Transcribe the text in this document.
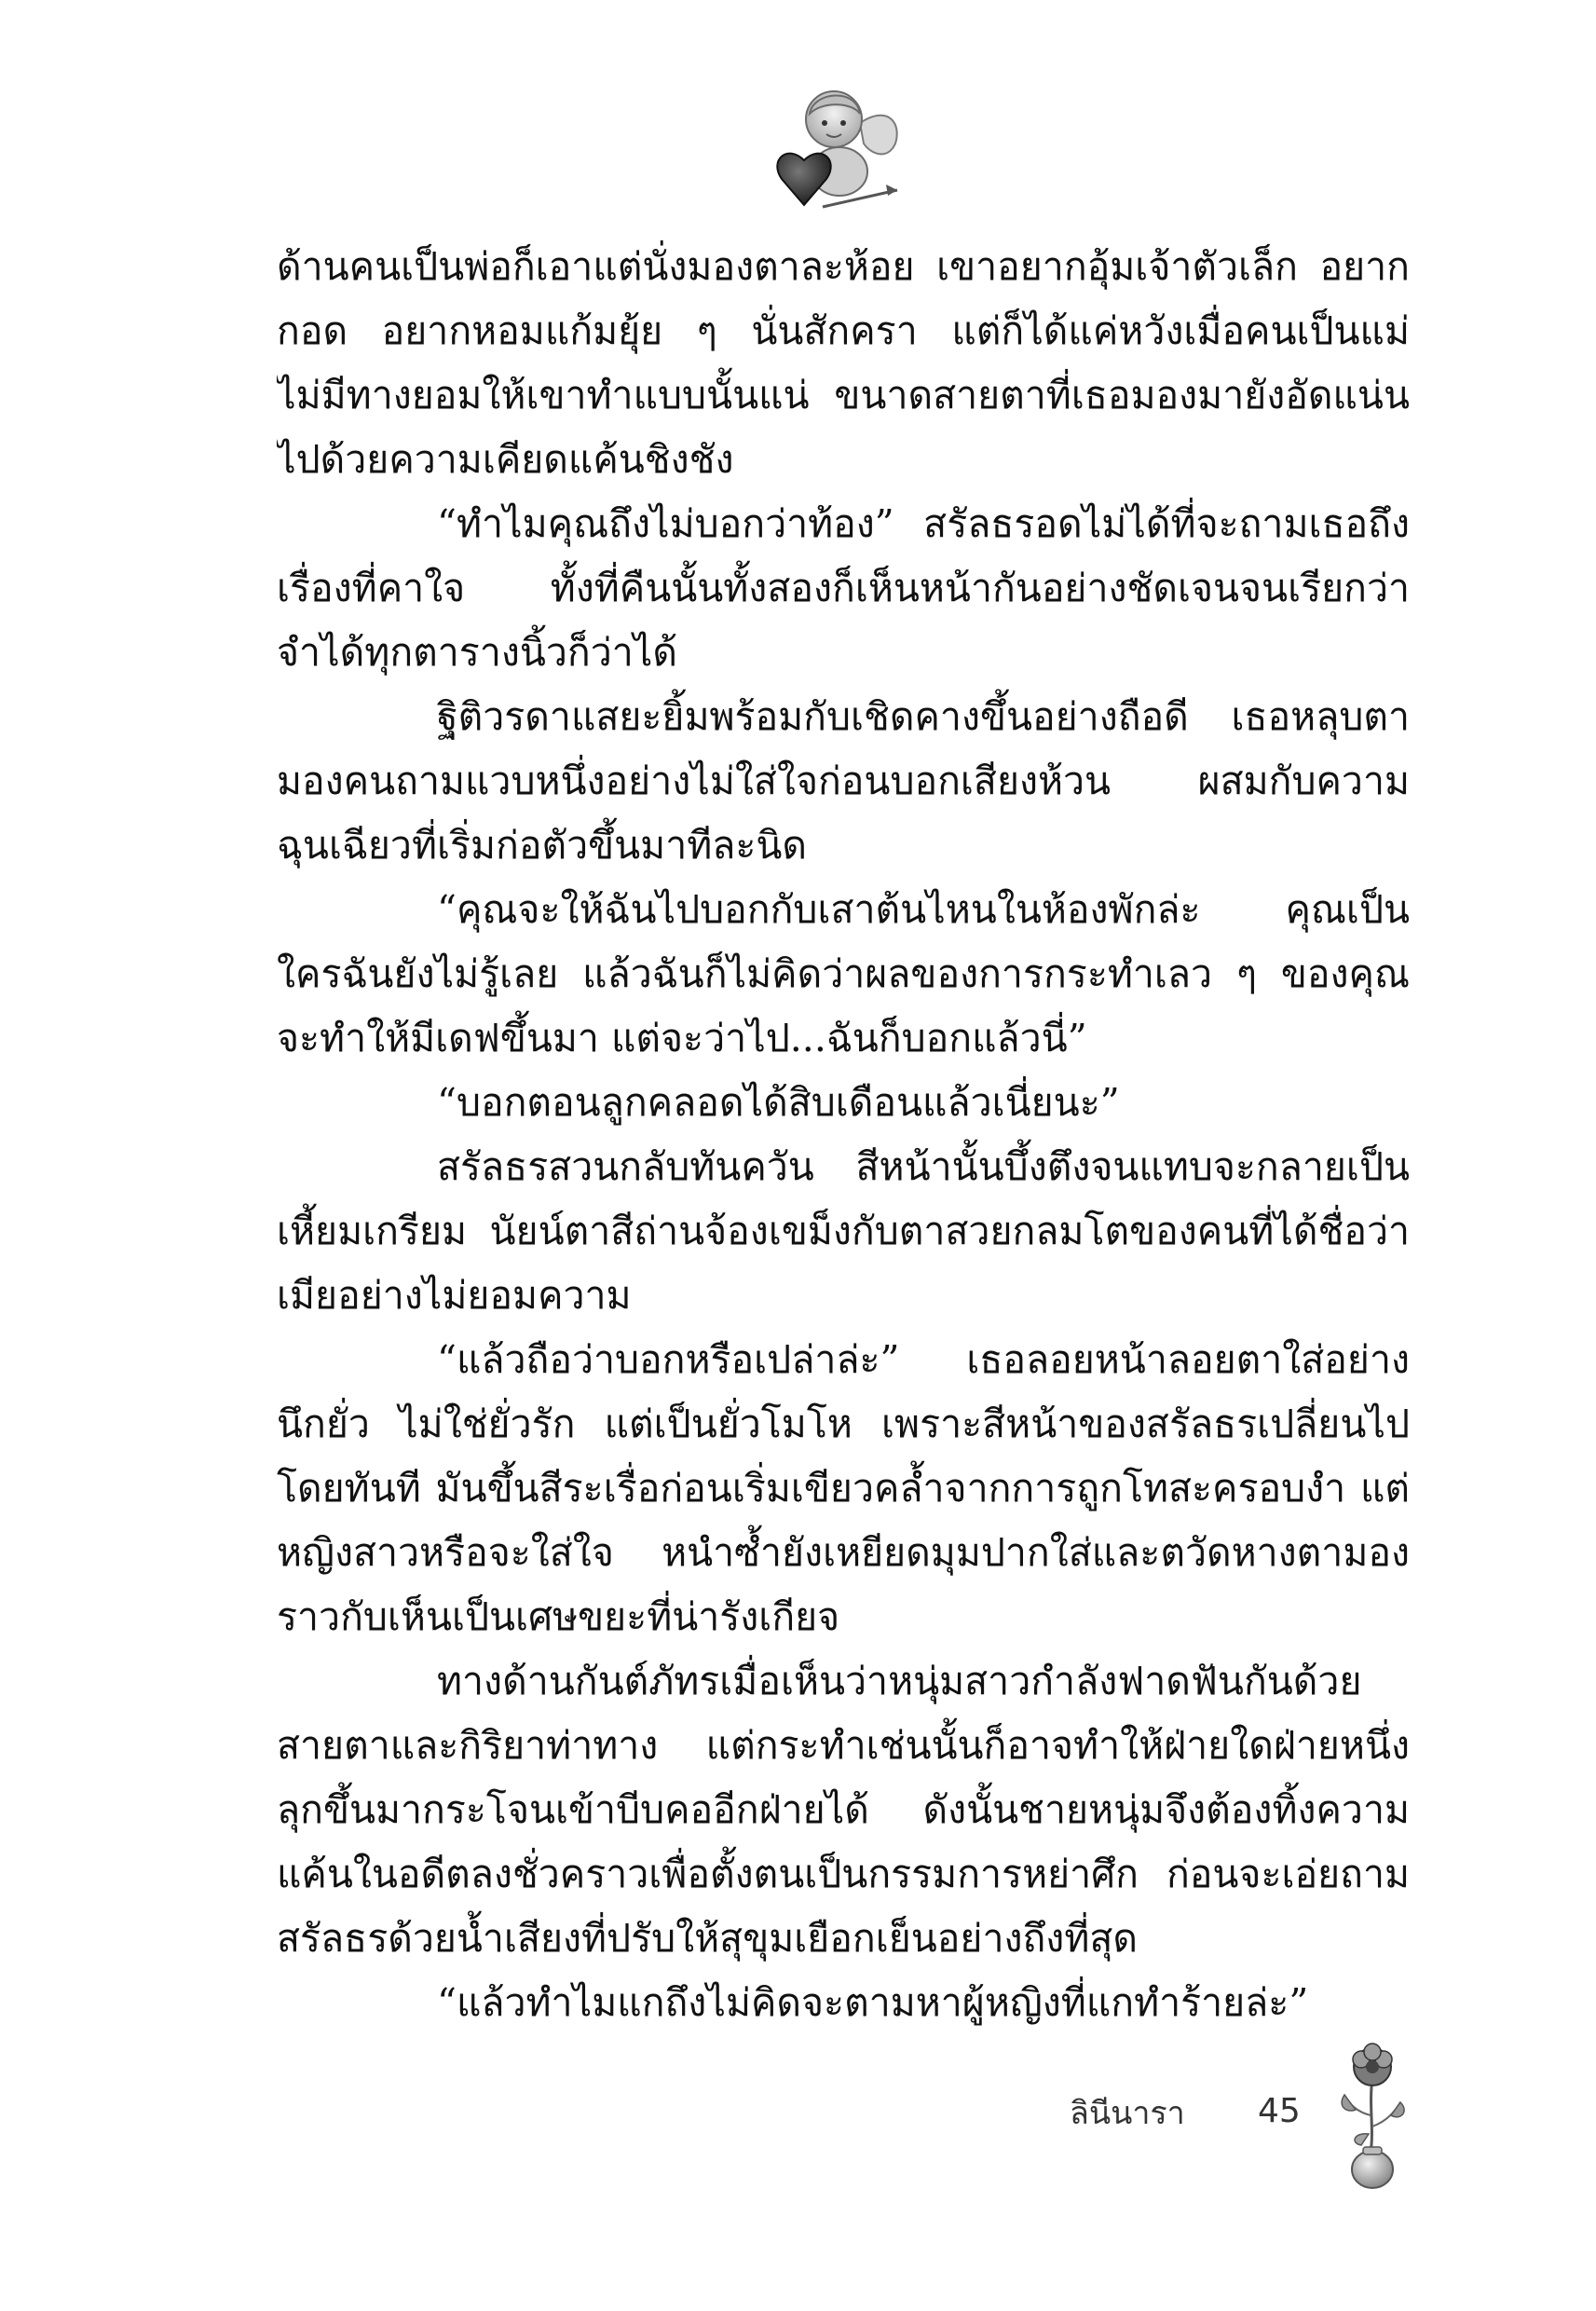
ด้านคนเป็นพ่อก็เอาแต่นั่งมองตาละห้อย เขาอยากอุ้มเจ้าตัวเล็ก อยาก
กอด อยากหอมแก้มยุ้ย ๆ นั่นสักครา แต่ก็ได้แค่หวังเมื่อคนเป็นแม่
ไม่มีทางยอมให้เขาทำแบบนั้นแน่ ขนาดสายตาที่เธอมองมายังอัดแน่น
ไปด้วยความเคียดแค้นชิงชัง
“ทำไมคุณถึงไม่บอกว่าท้อง” สรัลธรอดไม่ได้ที่จะถามเธอถึง
เรื่องที่คาใจ ทั้งที่คืนนั้นทั้งสองก็เห็นหน้ากันอย่างชัดเจนจนเรียกว่า
จำได้ทุกตารางนิ้วก็ว่าได้
ฐิติวรดาแสยะยิ้มพร้อมกับเชิดคางขึ้นอย่างถือดี เธอหลุบตา
มองคนถามแวบหนึ่งอย่างไม่ใส่ใจก่อนบอกเสียงห้วน ผสมกับความ
ฉุนเฉียวที่เริ่มก่อตัวขึ้นมาทีละนิด
“คุณจะให้ฉันไปบอกกับเสาต้นไหนในห้องพักล่ะ คุณเป็น
ใครฉันยังไม่รู้เลย แล้วฉันก็ไม่คิดว่าผลของการกระทำเลว ๆ ของคุณ
จะทำให้มีเดฟขึ้นมา แต่จะว่าไป...ฉันก็บอกแล้วนี่”
“บอกตอนลูกคลอดได้สิบเดือนแล้วเนี่ยนะ”
สรัลธรสวนกลับทันควัน สีหน้านั้นบึ้งตึงจนแทบจะกลายเป็น
เหี้ยมเกรียม นัยน์ตาสีถ่านจ้องเขม็งกับตาสวยกลมโตของคนที่ได้ชื่อว่า
เมียอย่างไม่ยอมความ
“แล้วถือว่าบอกหรือเปล่าล่ะ” เธอลอยหน้าลอยตาใส่อย่าง
นึกยั่ว ไม่ใช่ยั่วรัก แต่เป็นยั่วโมโห เพราะสีหน้าของสรัลธรเปลี่ยนไป
โดยทันที มันขึ้นสีระเรื่อก่อนเริ่มเขียวคล้ำจากการถูกโทสะครอบงำ แต่
หญิงสาวหรือจะใส่ใจ หนำซ้ำยังเหยียดมุมปากใส่และตวัดหางตามอง
ราวกับเห็นเป็นเศษขยะที่น่ารังเกียจ
ทางด้านกันต์ภัทรเมื่อเห็นว่าหนุ่มสาวกำลังฟาดฟันกันด้วย
สายตาและกิริยาท่าทาง แต่กระทำเช่นนั้นก็อาจทำให้ฝ่ายใดฝ่ายหนึ่ง
ลุกขึ้นมากระโจนเข้าบีบคออีกฝ่ายได้ ดังนั้นชายหนุ่มจึงต้องทิ้งความ
แค้นในอดีตลงชั่วคราวเพื่อตั้งตนเป็นกรรมการหย่าศึก ก่อนจะเอ่ยถาม
สรัลธรด้วยน้ำเสียงที่ปรับให้สุขุมเยือกเย็นอย่างถึงที่สุด
“แล้วทำไมแกถึงไม่คิดจะตามหาผู้หญิงที่แกทำร้ายล่ะ”
ลินีนารา 45
